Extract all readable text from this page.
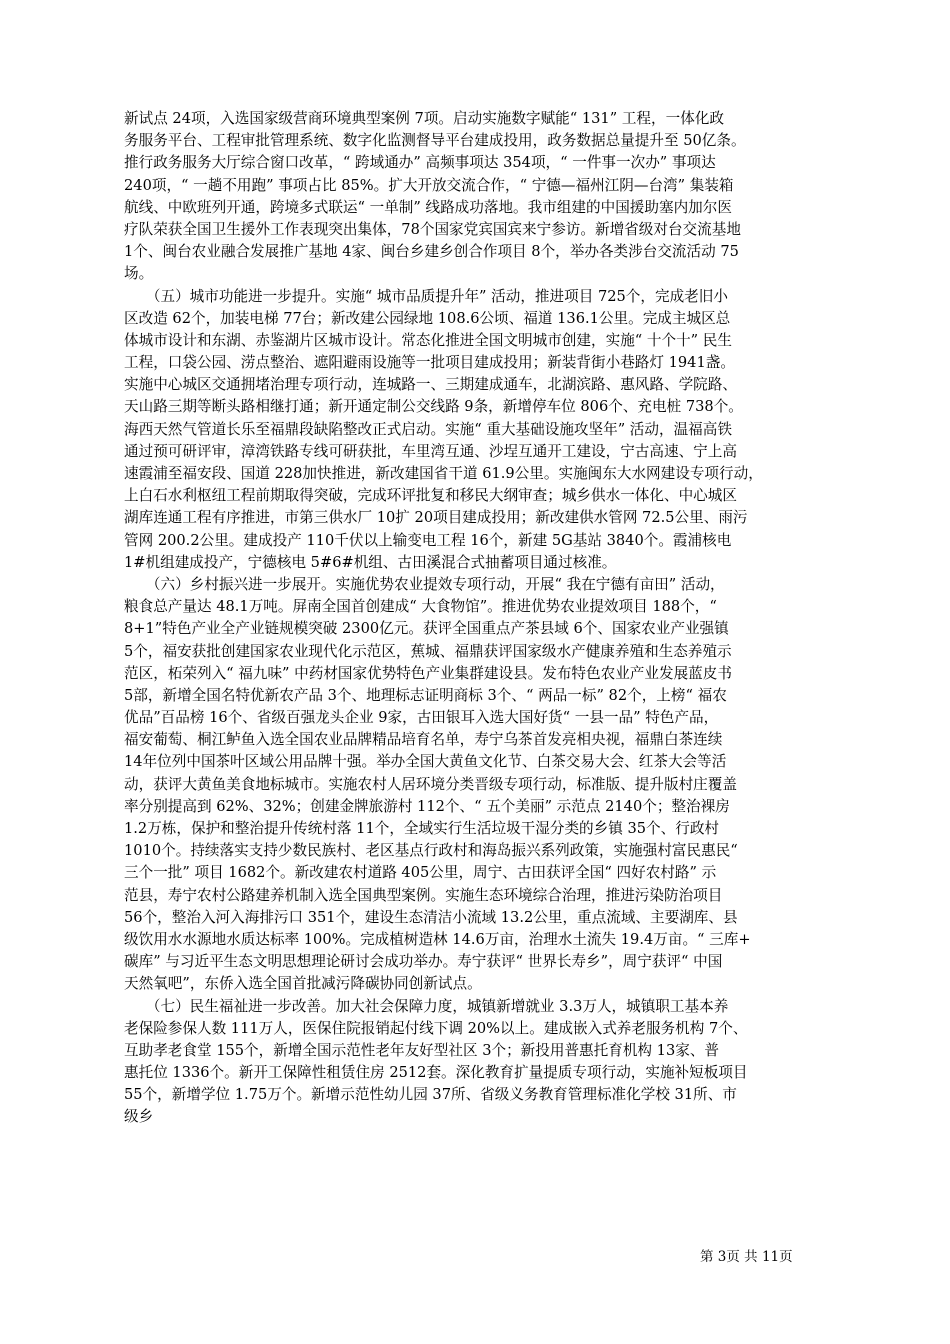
新试点 24项，入选国家级营商环境典型案例 7项。启动实施数字赋能“ 131” 工程，一体化政
务服务平台、工程审批管理系统、数字化监测督导平台建成投用，政务数据总量提升至 50亿条。
推行政务服务大厅综合窗口改革，“ 跨域通办” 高频事项达 354项，“ 一件事一次办” 事项达
240项，“ 一趟不用跑” 事项占比 85%。扩大开放交流合作，“ 宁德—福州江阴—台湾” 集装箱
航线、中欧班列开通，跨境多式联运“ 一单制” 线路成功落地。我市组建的中国援助塞内加尔医
疗队荣获全国卫生援外工作表现突出集体，78个国家党宾国宾来宁参访。新增省级对台交流基地
1个、闽台农业融合发展推广基地 4家、闽台乡建乡创合作项目 8个，举办各类涉台交流活动 75
场。
　　（五）城市功能进一步提升。实施“ 城市品质提升年” 活动，推进项目 725个，完成老旧小
区改造 62个，加装电梯 77台；新改建公园绿地 108.6公顷、福道 136.1公里。完成主城区总
体城市设计和东湖、赤鉴湖片区城市设计。常态化推进全国文明城市创建，实施“ 十个十” 民生
工程，口袋公园、涝点整治、遮阳避雨设施等一批项目建成投用；新装背街小巷路灯 1941盏。
实施中心城区交通拥堵治理专项行动，连城路一、三期建成通车，北湖滨路、惠风路、学院路、
天山路三期等断头路相继打通；新开通定制公交线路 9条，新增停车位 806个、充电桩 738个。
海西天然气管道长乐至福鼎段缺陷整改正式启动。实施“ 重大基础设施攻坚年” 活动，温福高铁
通过预可研评审，漳湾铁路专线可研获批，车里湾互通、沙埕互通开工建设，宁古高速、宁上高
速霞浦至福安段、国道 228加快推进，新改建国省干道 61.9公里。实施闽东大水网建设专项行动，
上白石水利枢纽工程前期取得突破，完成环评批复和移民大纲审查；城乡供水一体化、中心城区
湖库连通工程有序推进，市第三供水厂 10扩 20项目建成投用；新改建供水管网 72.5公里、雨污
管网 200.2公里。建成投产 110千伏以上输变电工程 16个，新建 5G基站 3840个。霞浦核电
1#机组建成投产，宁德核电 5#6#机组、古田溪混合式抽蓄项目通过核准。
　　（六）乡村振兴进一步展开。实施优势农业提效专项行动，开展“ 我在宁德有亩田” 活动，
粮食总产量达 48.1万吨。屏南全国首创建成“ 大食物馆”。推进优势农业提效项目 188个，“
8+1”特色产业全产业链规模突破 2300亿元。获评全国重点产茶县域 6个、国家农业产业强镇
5个，福安获批创建国家农业现代化示范区，蕉城、福鼎获评国家级水产健康养殖和生态养殖示
范区，柘荣列入“ 福九味” 中药材国家优势特色产业集群建设县。发布特色农业产业发展蓝皮书
5部，新增全国名特优新农产品 3个、地理标志证明商标 3个、“ 两品一标” 82个，上榜“ 福农
优品”百品榜 16个、省级百强龙头企业 9家，古田银耳入选大国好货“ 一县一品” 特色产品，
福安葡萄、桐江鲈鱼入选全国农业品牌精品培育名单，寿宁乌茶首发亮相央视，福鼎白茶连续
14年位列中国茶叶区域公用品牌十强。举办全国大黄鱼文化节、白茶交易大会、红茶大会等活
动，获评大黄鱼美食地标城市。实施农村人居环境分类晋级专项行动，标准版、提升版村庄覆盖
率分别提高到 62%、32%；创建金牌旅游村 112个、“ 五个美丽” 示范点 2140个；整治裸房
1.2万栋，保护和整治提升传统村落 11个，全域实行生活垃圾干湿分类的乡镇 35个、行政村
1010个。持续落实支持少数民族村、老区基点行政村和海岛振兴系列政策，实施强村富民惠民“
三个一批” 项目 1682个。新改建农村道路 405公里，周宁、古田获评全国“ 四好农村路” 示
范县，寿宁农村公路建养机制入选全国典型案例。实施生态环境综合治理，推进污染防治项目
56个，整治入河入海排污口 351个，建设生态清洁小流域 13.2公里，重点流域、主要湖库、县
级饮用水水源地水质达标率 100%。完成植树造林 14.6万亩，治理水土流失 19.4万亩。“ 三库+
碳库” 与习近平生态文明思想理论研讨会成功举办。寿宁获评“ 世界长寿乡”，周宁获评“ 中国
天然氧吧”，东侨入选全国首批减污降碳协同创新试点。
　　（七）民生福祉进一步改善。加大社会保障力度，城镇新增就业 3.3万人，城镇职工基本养
老保险参保人数 111万人，医保住院报销起付线下调 20%以上。建成嵌入式养老服务机构 7个、
互助孝老食堂 155个，新增全国示范性老年友好型社区 3个；新投用普惠托育机构 13家、普
惠托位 1336个。新开工保障性租赁住房 2512套。深化教育扩量提质专项行动，实施补短板项目
55个，新增学位 1.75万个。新增示范性幼儿园 37所、省级义务教育管理标准化学校 31所、市
级乡
第 3页 共 11页
